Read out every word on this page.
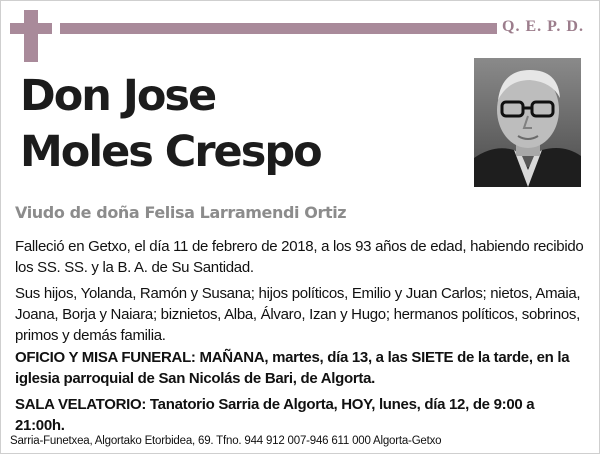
Q. E. P. D.
Don Jose
Moles Crespo
Viudo de doña Felisa Larramendi Ortiz
Falleció en Getxo, el día 11 de febrero de 2018, a los 93 años de edad, habiendo recibido los SS. SS. y la B. A. de Su Santidad.
Sus hijos, Yolanda, Ramón y Susana; hijos políticos, Emilio y Juan Carlos; nietos, Amaia, Joana, Borja y Naiara; biznietos, Alba, Álvaro, Izan y Hugo; hermanos políticos, sobrinos, primos y demás familia.
OFICIO Y MISA FUNERAL: MAÑANA, martes, día 13, a las SIETE de la tarde, en la iglesia parroquial de San Nicolás de Bari, de Algorta.
SALA VELATORIO: Tanatorio Sarria de Algorta, HOY, lunes, día 12, de 9:00 a 21:00h.
Sarria-Funetxea, Algortako Etorbidea, 69. Tfno. 944 912 007-946 611 000 Algorta-Getxo
